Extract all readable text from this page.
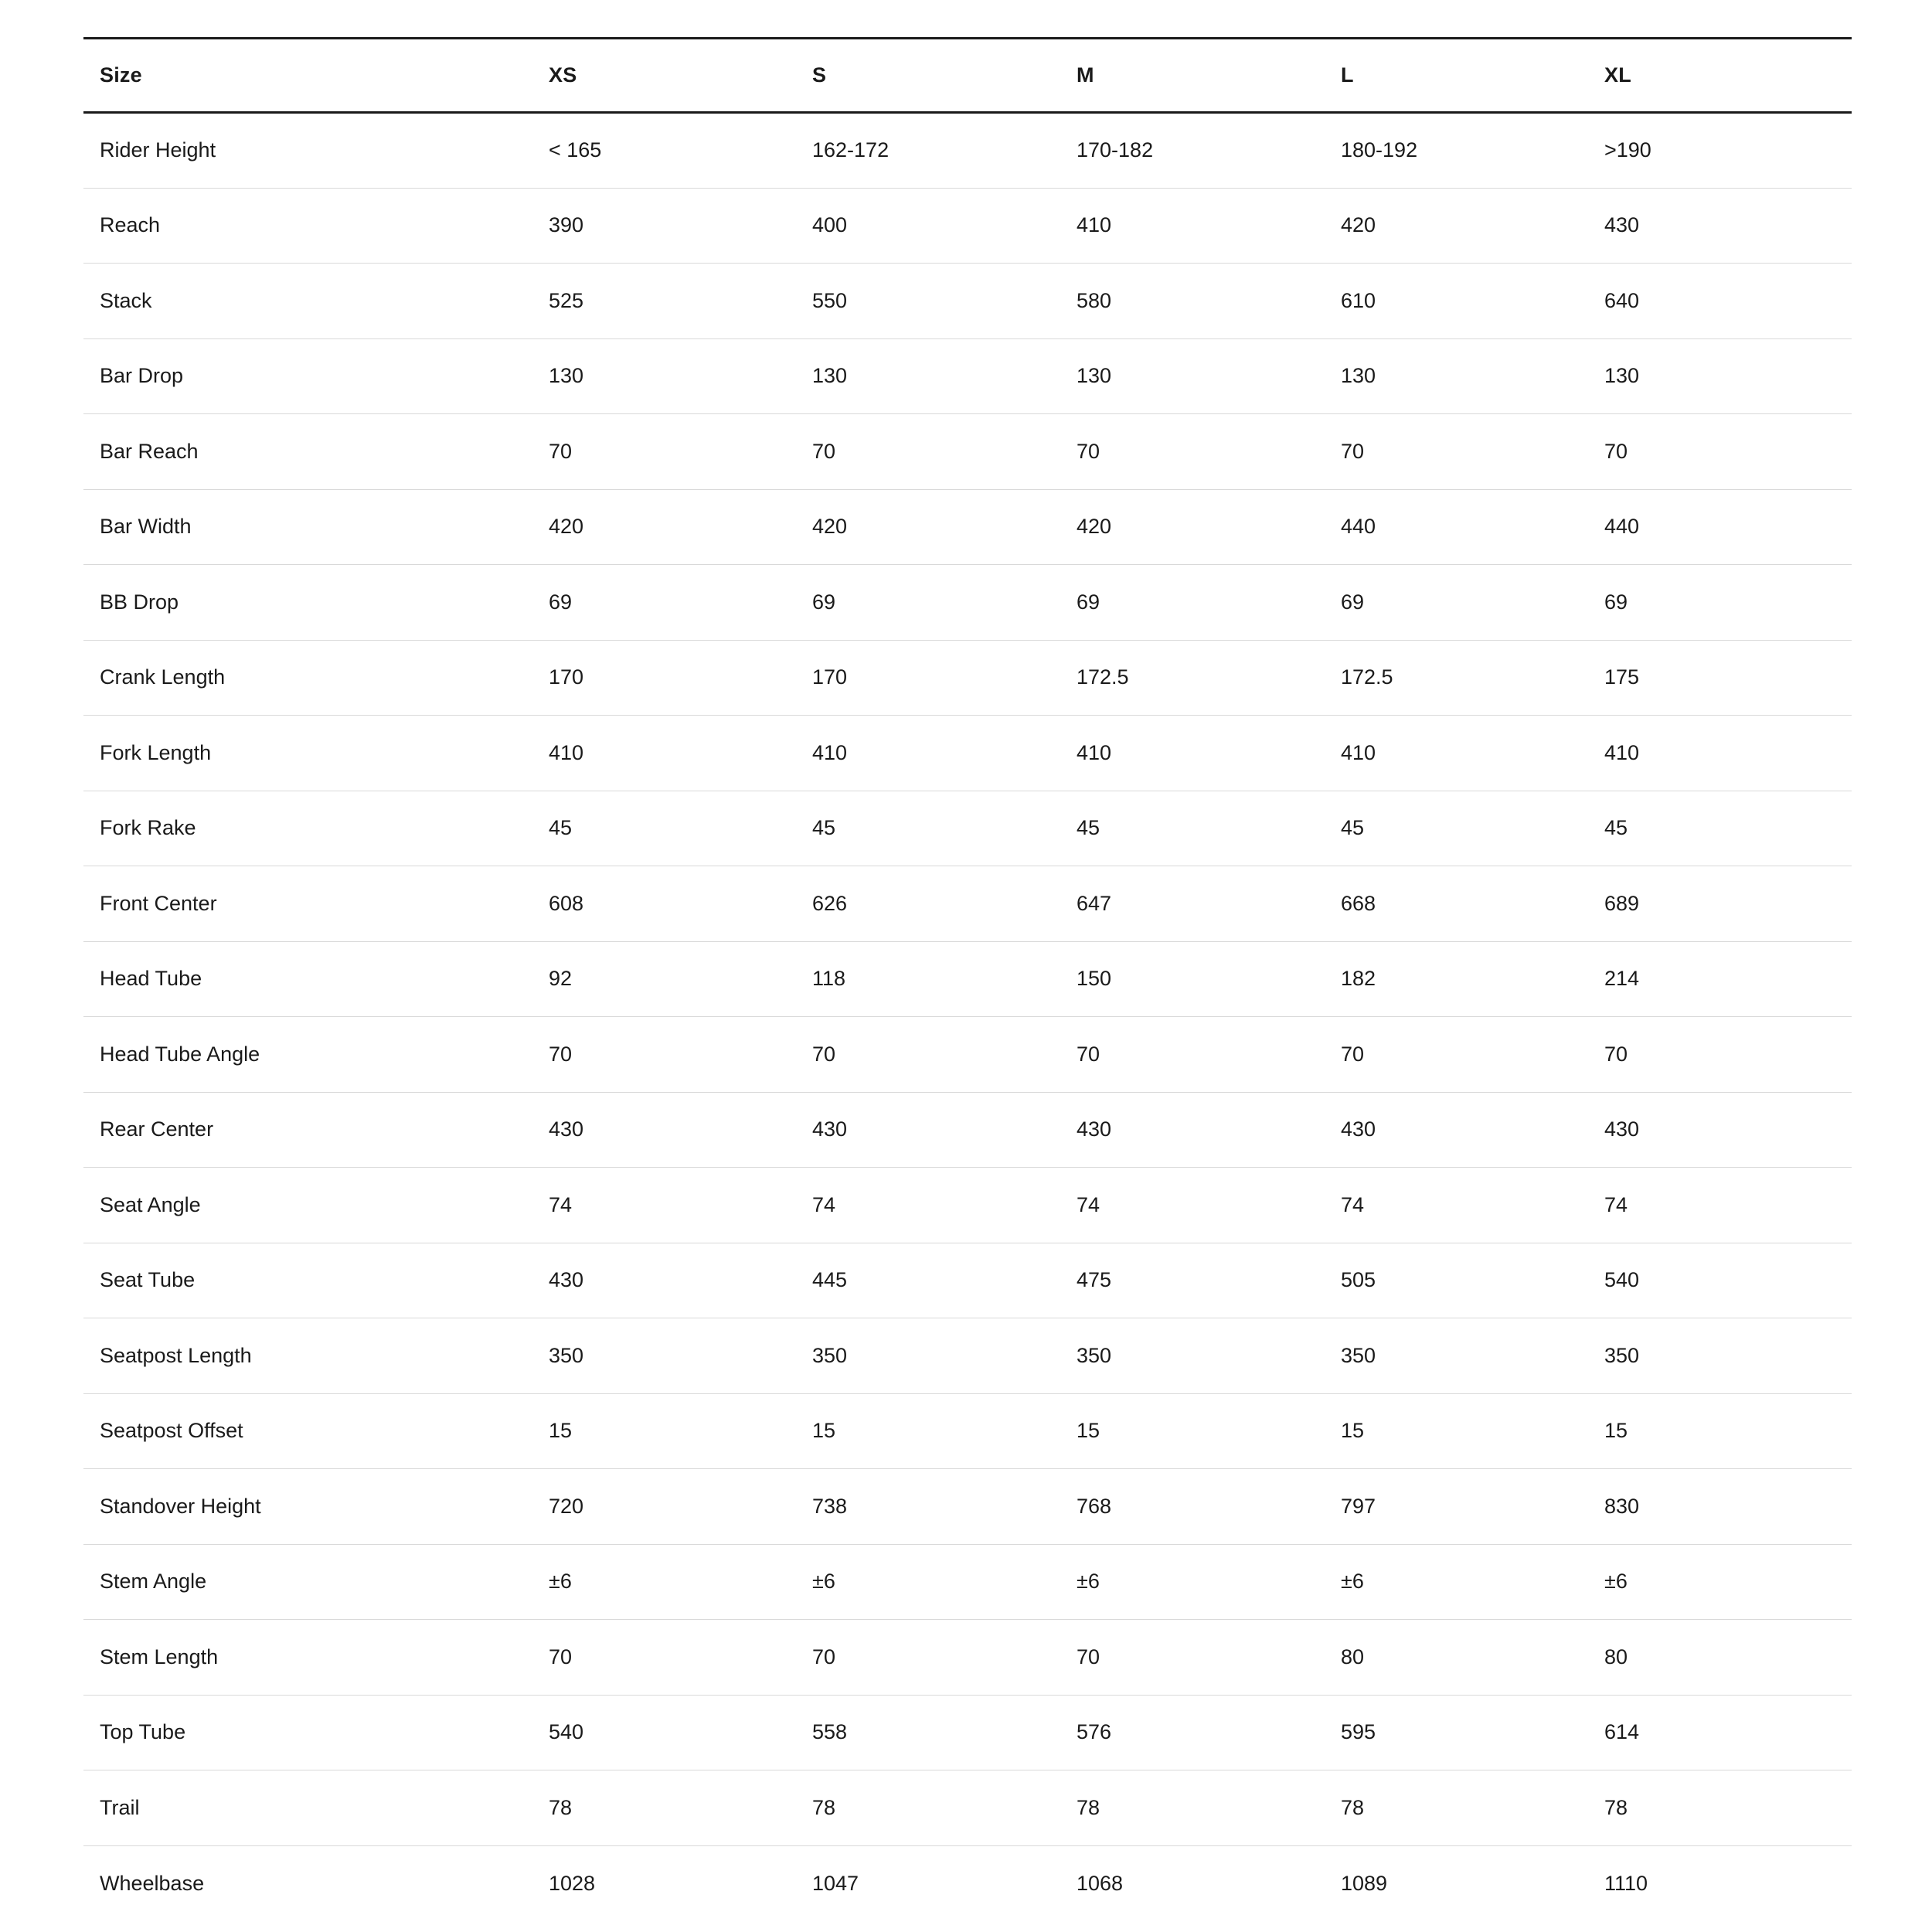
Size	XS	S	M	L	XL
Rider Height	< 165	162-172	170-182	180-192	>190
Reach	390	400	410	420	430
Stack	525	550	580	610	640
Bar Drop	130	130	130	130	130
Bar Reach	70	70	70	70	70
Bar Width	420	420	420	440	440
BB Drop	69	69	69	69	69
Crank Length	170	170	172.5	172.5	175
Fork Length	410	410	410	410	410
Fork Rake	45	45	45	45	45
Front Center	608	626	647	668	689
Head Tube	92	118	150	182	214
Head Tube Angle	70	70	70	70	70
Rear Center	430	430	430	430	430
Seat Angle	74	74	74	74	74
Seat Tube	430	445	475	505	540
Seatpost Length	350	350	350	350	350
Seatpost Offset	15	15	15	15	15
Standover Height	720	738	768	797	830
Stem Angle	±6	±6	±6	±6	±6
Stem Length	70	70	70	80	80
Top Tube	540	558	576	595	614
Trail	78	78	78	78	78
Wheelbase	1028	1047	1068	1089	1110
